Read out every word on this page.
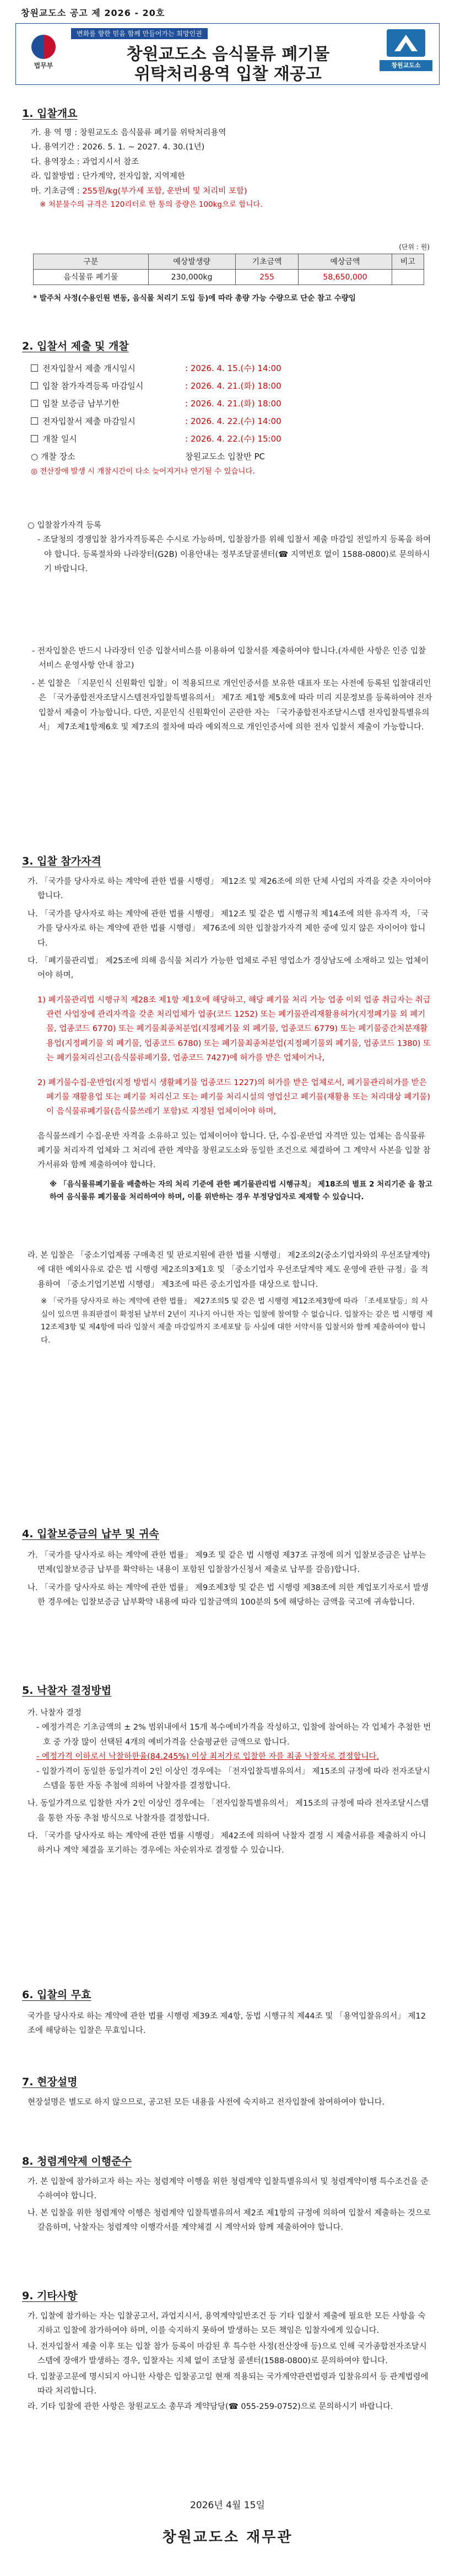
창원교도소 공고 제 2026 - 20호
법무부
변화를 향한 믿음 함께 만들어가는 희망인권
창원교도소 음식물류 폐기물
위탁처리용역 입찰 재공고	창원교도소
1. 입찰개요
가. 용 역 명 : 창원교도소 음식물류 폐기물 위탁처리용역
나. 용역기간 : 2026. 5. 1. ~ 2027. 4. 30.(1년)
다. 용역장소 : 과업지시서 참조
라. 입찰방법 : 단가계약, 전자입찰, 지역제한
마. 기초금액 : 255원/kg(부가세 포함, 운반비 및 처리비 포함)
※ 처분물수의 규격은 120리터로 한 통의 중량은 100kg으로 합니다.
(단위 : 원)
구분	예상발생량	기초금액	예상금액	비고
음식물류 폐기물	230,000kg	255	58,650,000	
* 발주처 사정(수용인원 변동, 음식물 처리기 도입 등)에 따라 총량 가능 수량으로 단순 참고 수량임
2. 입찰서 제출 및 개찰
전자입찰서 제출 개시일시	: 2026. 4. 15.(수) 14:00
입찰 참가자격등록 마감일시	: 2026. 4. 21.(화) 18:00
입찰 보증금 납부기한	: 2026. 4. 21.(화) 18:00
전자입찰서 제출 마감일시	: 2026. 4. 22.(수) 14:00
개찰 일시	: 2026. 4. 22.(수) 15:00
○ 개찰 장소	창원교도소 입찰반 PC
◎ 전산장애 발생 시 개찰시간이 다소 늦어지거나 연기될 수 있습니다.
○ 입찰참가자격 등록
- 조달청의 경쟁입찰 참가자격등록은 수시로 가능하며, 입찰참가를 위해 입찰서 제출 마감일 전일까지 등록을 하여야 합니다. 등록절차와 나라장터(G2B) 이용안내는 정부조달콜센터(☎ 지역번호 없이 1588-0800)로 문의하시기 바랍니다.
- 전자입찰은 반드시 나라장터 인증 입찰서비스를 이용하여 입찰서를 제출하여야 합니다.(자세한 사항은 인증 입찰서비스 운영사항 안내 참고)
- 본 입찰은 「지문인식 신원확인 입찰」이 적용되므로 개인인증서를 보유한 대표자 또는 사전에 등록된 입찰대리인은 「국가종합전자조달시스템전자입찰특별유의서」 제7조 제1항 제5호에 따라 미리 지문정보를 등록하여야 전자입찰서 제출이 가능합니다. 다만, 지문인식 신원확인이 곤란한 자는 「국가종합전자조달시스템 전자입찰특별유의서」 제7조제1항제6호 및 제7조의 절차에 따라 예외적으로 개인인증서에 의한 전자 입찰서 제출이 가능합니다.
3. 입찰 참가자격
가. 「국가를 당사자로 하는 계약에 관한 법률 시행령」 제12조 및 제26조에 의한 단체 사업의 자격을 갖춘 자이어야 합니다.
나. 「국가를 당사자로 하는 계약에 관한 법률 시행령」 제12조 및 같은 법 시행규칙 제14조에 의한 유자격 자, 「국가를 당사자로 하는 계약에 관한 법률 시행령」 제76조에 의한 입찰참가자격 제한 중에 있지 않은 자이어야 합니다.
다. 「폐기물관리법」 제25조에 의해 음식물 처리가 가능한 업체로 주된 영업소가 경상남도에 소재하고 있는 업체이어야 하며,
1) 폐기물관리법 시행규칙 제28조 제1항 제1호에 해당하고, 해당 폐기물 처리 가능 업종 이외 업종 취급자는 취급 관련 사업장에 관리자격을 갖춘 처리업체가 업종(코드 1252) 또는 폐기물관리재활용허가(지정폐기물 외 폐기물, 업종코드 6770) 또는 폐기물최종처분업(지정폐기물 외 폐기물, 업종코드 6779) 또는 폐기물중간처분재활용업(지정폐기물 외 폐기물, 업종코드 6780) 또는 폐기물최종처분업(지정폐기물외 폐기물, 업종코드 1380) 또는 폐기물처리신고(음식물류폐기물, 업종코드 7427)에 허가를 받은 업체이거나,
2) 폐기물수집·운반업(지정 방법시 생활폐기물 업종코드 1227)의 허가를 받은 업체로서, 폐기물관리허가를 받은 폐기물 재활용업 또는 폐기물 처리신고 또는 폐기물 처리시설의 영업신고 폐기물(재활용 또는 처리대상 폐기물)이 음식물류폐기물(음식물쓰레기 포함)로 지정된 업체이어야 하며,
음식물쓰레기 수집·운반 자격을 소유하고 있는 업체이어야 합니다. 단, 수집·운반업 자격만 있는 업체는 음식물류 폐기물 처리자격 업체와 그 처리에 관한 계약을 창원교도소와 동일한 조건으로 체결하여 그 계약서 사본을 입찰 참가서류와 함께 제출하여야 합니다.
※ 「음식물류폐기물을 배출하는 자의 처리 기준에 관한 폐기물관리법 시행규칙」 제18조의 별표 2 처리기준 을 참고하여 음식물류 폐기물을 처리하여야 하며, 이를 위반하는 경우 부정당업자로 제재할 수 있습니다.
라. 본 입찰은 「중소기업제품 구매촉진 및 판로지원에 관한 법률 시행령」 제2조의2(중소기업자와의 우선조달계약)에 대한 예외사유로 같은 법 시행령 제2조의3제1호 및 「중소기업자 우선조달계약 제도 운영에 관한 규정」을 적용하여 「중소기업기본법 시행령」 제3조에 따른 중소기업자를 대상으로 합니다.
※ 「국가를 당사자로 하는 계약에 관한 법률」 제27조의5 및 같은 법 시행령 제12조제3항에 따라 「조세포탈등」의 사실이 있으면 유죄판결이 확정된 날부터 2년이 지나지 아니한 자는 입찰에 참여할 수 없습니다. 입찰자는 같은 법 시행령 제12조제3항 및 제4항에 따라 입찰서 제출 마감일까지 조세포탈 등 사실에 대한 서약서를 입찰서와 함께 제출하여야 합니다.
4. 입찰보증금의 납부 및 귀속
가. 「국가를 당사자로 하는 계약에 관한 법률」 제9조 및 같은 법 시행령 제37조 규정에 의거 입찰보증금은 납부는 면제(입찰보증금 납부를 확약하는 내용이 포함된 입찰참가신청서 제출로 납부를 갈음)합니다.
나. 「국가를 당사자로 하는 계약에 관한 법률」 제9조제3항 및 같은 법 시행령 제38조에 의한 계업포기자로서 발생한 경우에는 입찰보증금 납부확약 내용에 따라 입찰금액의 100분의 5에 해당하는 금액을 국고에 귀속합니다.
5. 낙찰자 결정방법
가. 낙찰자 결정
- 예정가격은 기초금액의 ± 2% 범위내에서 15개 복수예비가격을 작성하고, 입찰에 참여하는 각 업체가 추첨한 번호 중 가장 많이 선택된 4개의 예비가격을 산술평균한 금액으로 합니다.
- 예정가격 이하로서 낙찰하한율(84.245%) 이상 최저가로 입찰한 자를 최종 낙찰자로 결정합니다.
- 입찰가격이 동일한 동일가격이 2인 이상인 경우에는 「전자입찰특별유의서」 제15조의 규정에 따라 전자조달시스템을 통한 자동 추첨에 의하여 낙찰자를 결정합니다.
나. 동일가격으로 입찰한 자가 2인 이상인 경우에는 「전자입찰특별유의서」 제15조의 규정에 따라 전자조달시스템을 통한 자동 추첨 방식으로 낙찰자를 결정합니다.
다. 「국가를 당사자로 하는 계약에 관한 법률 시행령」 제42조에 의하여 낙찰자 결정 시 제출서류를 제출하지 아니하거나 계약 체결을 포기하는 경우에는 차순위자로 결정할 수 있습니다.
6. 입찰의 무효
국가를 당사자로 하는 계약에 관한 법률 시행령 제39조 제4항, 동법 시행규칙 제44조 및 「용역입찰유의서」 제12조에 해당하는 입찰은 무효입니다.
7. 현장설명
현장설명은 별도로 하지 않으므로, 공고된 모든 내용을 사전에 숙지하고 전자입찰에 참여하여야 합니다.
8. 청렴계약제 이행준수
가. 본 입찰에 참가하고자 하는 자는 청렴계약 이행을 위한 청렴계약 입찰특별유의서 및 청렴계약이행 특수조건을 준수하여야 합니다.
나. 본 입찰을 위한 청렴계약 이행은 청렴계약 입찰특별유의서 제2조 제1항의 규정에 의하여 입찰서 제출하는 것으로 갈음하며, 낙찰자는 청렴계약 이행각서를 계약체결 시 계약서와 함께 제출하여야 합니다.
9. 기타사항
가. 입찰에 참가하는 자는 입찰공고서, 과업지시서, 용역계약일반조건 등 기타 입찰서 제출에 필요한 모든 사항을 숙지하고 입찰에 참가하여야 하며, 이를 숙지하지 못하여 발생하는 모든 책임은 입찰자에게 있습니다.
나. 전자입찰서 제출 이후 또는 입찰 참가 등록이 마감된 후 특수한 사정(전산장애 등)으로 인해 국가종합전자조달시스템에 장애가 발생하는 경우, 입찰자는 지체 없이 조달청 콜센터(1588-0800)로 문의하여야 합니다.
다. 입찰공고문에 명시되지 아니한 사항은 입찰공고일 현재 적용되는 국가계약관련법령과 입찰유의서 등 관계법령에 따라 처리합니다.
라. 기타 입찰에 관한 사항은 창원교도소 총무과 계약담당(☎ 055-259-0752)으로 문의하시기 바랍니다.
2026년 4월 15일
창원교도소 재무관
